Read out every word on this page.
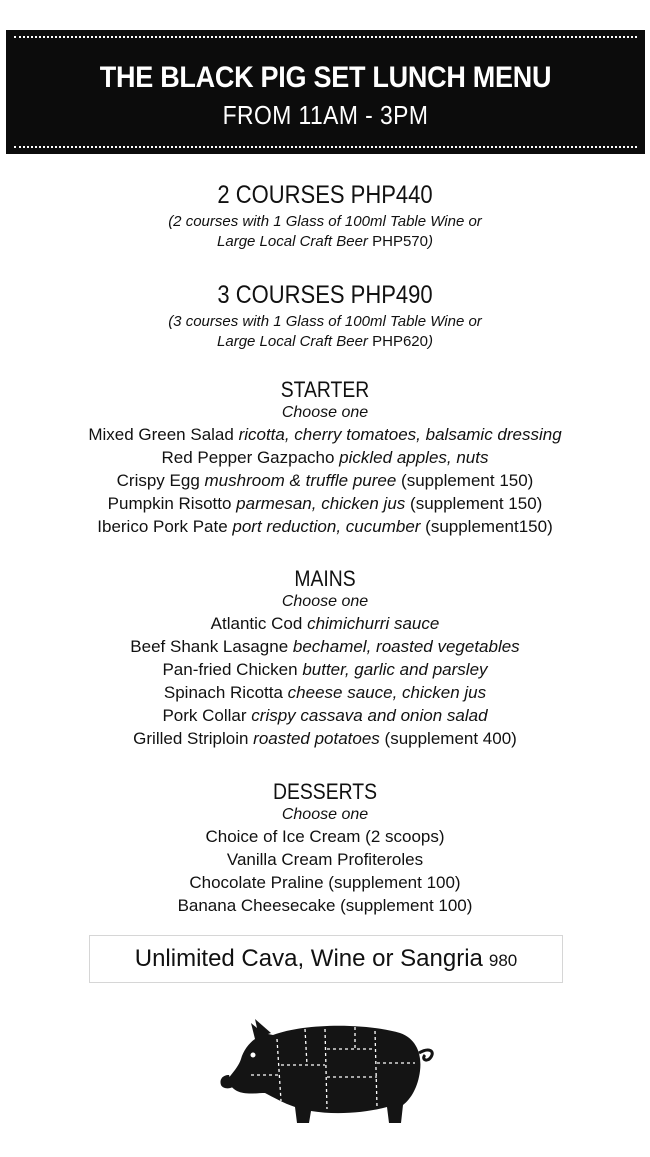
THE BLACK PIG SET LUNCH MENU
FROM 11AM - 3PM
2 COURSES PHP440
(2 courses with 1 Glass of 100ml Table Wine or
Large Local Craft Beer PHP570)
3 COURSES PHP490
(3 courses with 1 Glass of 100ml Table Wine or
Large Local Craft Beer PHP620)
STARTER
Choose one
Mixed Green Salad ricotta, cherry tomatoes, balsamic dressing
Red Pepper Gazpacho pickled apples, nuts
Crispy Egg mushroom & truffle puree (supplement 150)
Pumpkin Risotto parmesan, chicken jus (supplement 150)
Iberico Pork Pate port reduction, cucumber (supplement150)
MAINS
Choose one
Atlantic Cod chimichurri sauce
Beef Shank Lasagne bechamel, roasted vegetables
Pan-fried Chicken butter, garlic and parsley
Spinach Ricotta cheese sauce, chicken jus
Pork Collar crispy cassava and onion salad
Grilled Striploin roasted potatoes (supplement 400)
DESSERTS
Choose one
Choice of Ice Cream (2 scoops)
Vanilla Cream Profiteroles
Chocolate Praline (supplement 100)
Banana Cheesecake (supplement 100)
Unlimited Cava, Wine or Sangria 980
